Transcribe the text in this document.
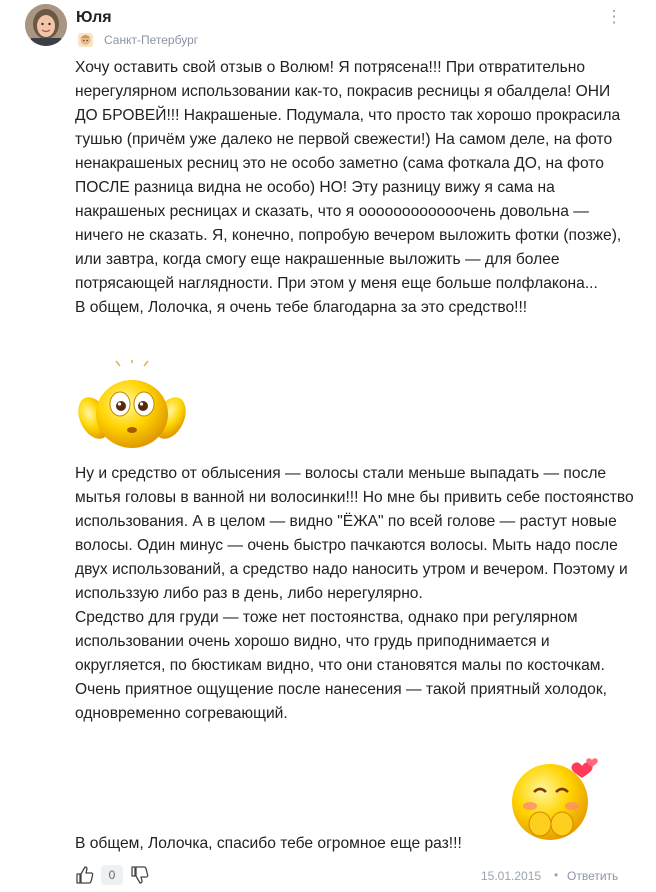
Юля
Санкт-Петербург
⋮

Хочу оставить свой отзыв о Волюм! Я потрясена!!! При отвратительно нерегулярном использовании как-то, покрасив ресницы я обалдела! ОНИ ДО БРОВЕЙ!!! Накрашеные. Подумала, что просто так хорошо прокрасила тушью (причём уже далеко не первой свежести!) На самом деле, на фото ненакрашеных ресниц это не особо заметно (сама фоткала ДО, на фото ПОСЛЕ разница видна не особо) НО! Эту разницу вижу я сама на накрашеных ресницах и сказать, что я оооооооооооочень довольна — ничего не сказать. Я, конечно, попробую вечером выложить фотки (позже), или завтра, когда смогу еще накрашенные выложить — для более потрясающей наглядности. При этом у меня еще больше полфлакона...
В общем, Лолочка, я очень тебе благодарна за это средство!!!

Ну и средство от облысения — волосы стали меньше выпадать — после мытья головы в ванной ни волосинки!!! Но мне бы привить себе постоянство использования. А в целом — видно "ЁЖА" по всей голове — растут новые волосы. Один минус — очень быстро пачкаются волосы. Мыть надо после двух использований, а средство надо наносить утром и вечером. Поэтому и использзую либо раз в день, либо нерегулярно.
Средство для груди — тоже нет постоянства, однако при регулярном использовании очень хорошо видно, что грудь приподнимается и округляется, по бюстикам видно, что они становятся малы по косточкам. Очень приятное ощущение после нанесения — такой приятный холодок, одновременно согревающий.

В общем, Лолочка, спасибо тебе огромное еще раз!!!

0	15.01.2015 • Ответить
